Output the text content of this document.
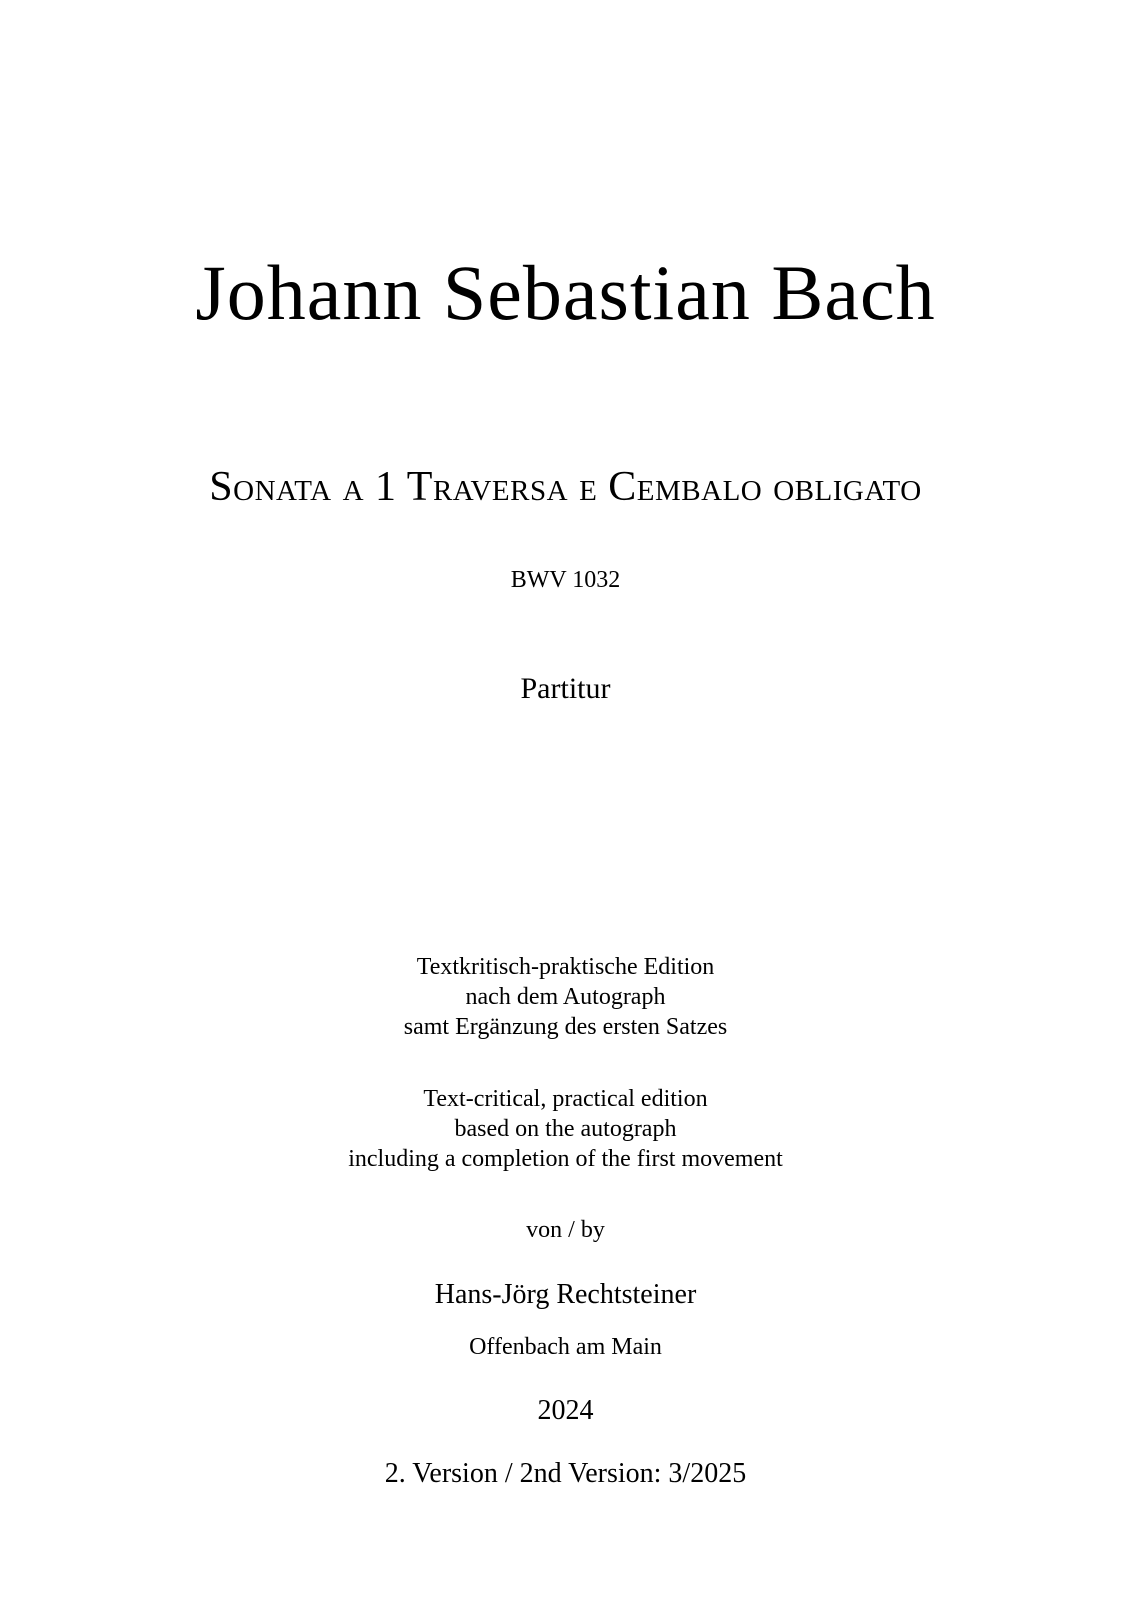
Johann Sebastian Bach
Sonata a 1 Traversa e Cembalo obligato
BWV 1032
Partitur
Textkritisch-praktische Edition
nach dem Autograph
samt Ergänzung des ersten Satzes
Text-critical, practical edition
based on the autograph
including a completion of the first movement
von / by
Hans-Jörg Rechtsteiner
Offenbach am Main
2024
2. Version / 2nd Version: 3/2025
